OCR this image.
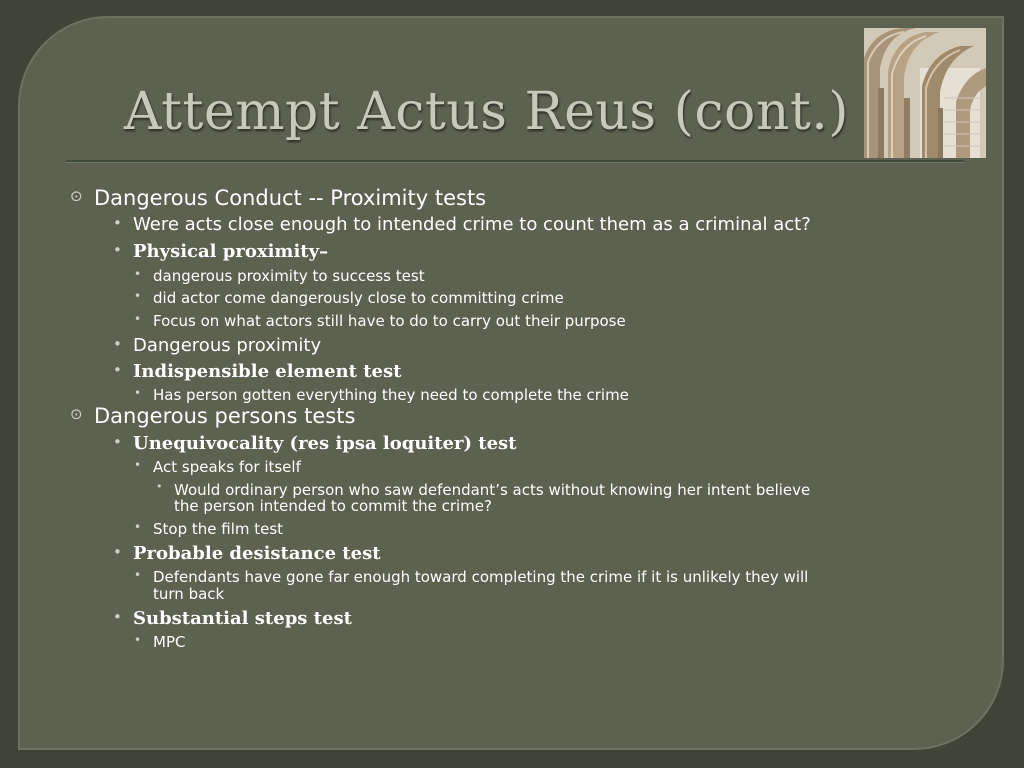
Attempt Actus Reus (cont.)
⊙ Dangerous Conduct -- Proximity tests
• Were acts close enough to intended crime to count them as a criminal act?
• Physical proximity–
• dangerous proximity to success test
• did actor come dangerously close to committing crime
• Focus on what actors still have to do to carry out their purpose
• Dangerous proximity
• Indispensible element test
• Has person gotten everything they need to complete the crime
⊙ Dangerous persons tests
• Unequivocality (res ipsa loquiter) test
• Act speaks for itself
• Would ordinary person who saw defendant’s acts without knowing her intent believe
the person intended to commit the crime?
• Stop the film test
• Probable desistance test
• Defendants have gone far enough toward completing the crime if it is unlikely they will
turn back
• Substantial steps test
• MPC
